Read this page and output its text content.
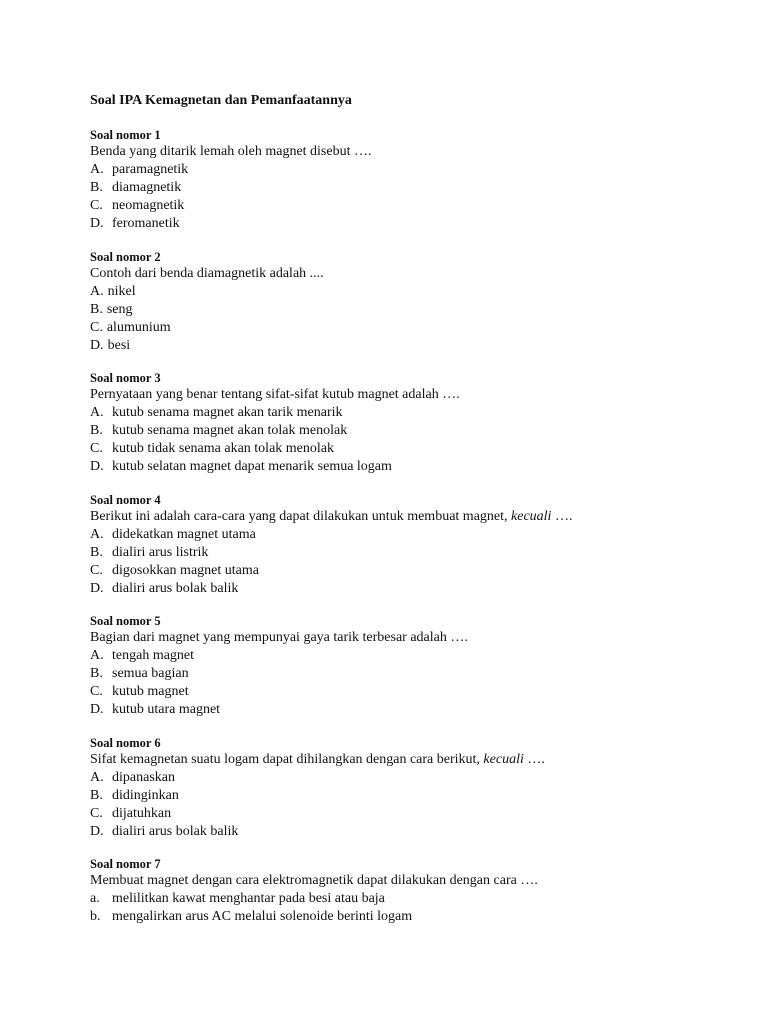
Soal IPA Kemagnetan dan Pemanfaatannya

Soal nomor 1

Benda yang ditarik lemah oleh magnet disebut ….

A. paramagnetik
B. diamagnetik
C. neomagnetik
D. feromanetik

Soal nomor 2

Contoh dari benda diamagnetik adalah ....

A. nikel
B. seng
C. alumunium
D. besi

Soal nomor 3

Pernyataan yang benar tentang sifat-sifat kutub magnet adalah ….

A. kutub senama magnet akan tarik menarik
B. kutub senama magnet akan tolak menolak
C. kutub tidak senama akan tolak menolak
D. kutub selatan magnet dapat menarik semua logam

Soal nomor 4

Berikut ini adalah cara-cara yang dapat dilakukan untuk membuat magnet, kecuali ….

A. didekatkan magnet utama
B. dialiri arus listrik
C. digosokkan magnet utama
D. dialiri arus bolak balik

Soal nomor 5

Bagian dari magnet yang mempunyai gaya tarik terbesar adalah ….

A. tengah magnet
B. semua bagian
C. kutub magnet
D. kutub utara magnet

Soal nomor 6

Sifat kemagnetan suatu logam dapat dihilangkan dengan cara berikut, kecuali ….

A. dipanaskan
B. didinginkan
C. dijatuhkan
D. dialiri arus bolak balik

Soal nomor 7

Membuat magnet dengan cara elektromagnetik dapat dilakukan dengan cara ….

a. melilitkan kawat menghantar pada besi atau baja
b. mengalirkan arus AC melalui solenoide berinti logam
